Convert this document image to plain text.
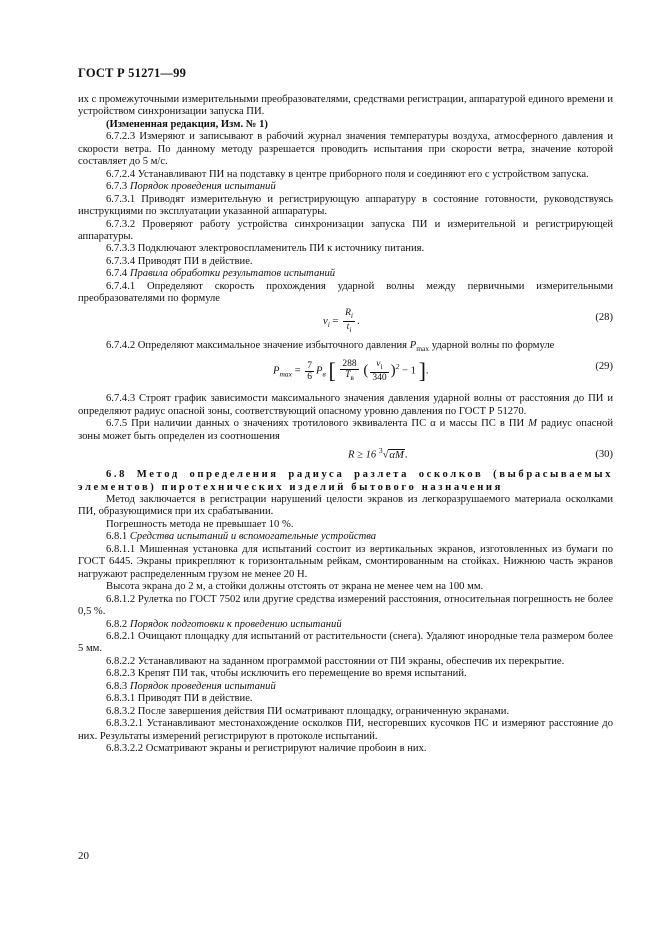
ГОСТ Р 51271—99

их с промежуточными измерительными преобразователями, средствами регистрации, аппаратурой единого времени и устройством синхронизации запуска ПИ.

(Измененная редакция, Изм. № 1)

6.7.2.3 Измеряют и записывают в рабочий журнал значения температуры воздуха, атмосферного давления и скорости ветра. По данному методу разрешается проводить испытания при скорости ветра, значение которой составляет до 5 м/с.

6.7.2.4 Устанавливают ПИ на подставку в центре приборного поля и соединяют его с устройством запуска.

6.7.3 Порядок проведения испытаний

6.7.3.1 Приводят измерительную и регистрирующую аппаратуру в состояние готовности, руководствуясь инструкциями по эксплуатации указанной аппаратуры.

6.7.3.2 Проверяют работу устройства синхронизации запуска ПИ и измерительной и регистрирующей аппаратуры.

6.7.3.3 Подключают электровоспламенитель ПИ к источнику питания.

6.7.3.4 Приводят ПИ в действие.

6.7.4 Правила обработки результатов испытаний

6.7.4.1 Определяют скорость прохождения ударной волны между первичными измерительными преобразователями по формуле

$v_i = \frac{R_i}{t_i}$ .	(28)

6.7.4.2 Определяют максимальное значение избыточного давления $P_{max}$ ударной волны по формуле

$P_{max} = \frac{7}{6} P_в$ [ $\frac{288}{T_в}$ ( $\frac{v_i}{340} )^2 - 1$ ].	(29)

6.7.4.3 Строят график зависимости максимального значения давления ударной волны от расстояния до ПИ и определяют радиус опасной зоны, соответствующий опасному уровню давления по ГОСТ Р 51270.

6.7.5 При наличии данных о значениях тротилового эквивалента ПС α и массы ПС в ПИ M радиус опасной зоны может быть определен из соотношения

R ≥ 16 $^3$√αM.	(30)

6.8 Метод определения радиуса разлета осколков (выбрасываемых элементов) пиротехнических изделий бытового назначения

Метод заключается в регистрации нарушений целости экранов из легкоразрушаемого материала осколками ПИ, образующимися при их срабатывании.

Погрешность метода не превышает 10 %.

6.8.1 Средства испытаний и вспомогательные устройства

6.8.1.1 Мишенная установка для испытаний состоит из вертикальных экранов, изготовленных из бумаги по ГОСТ 6445. Экраны прикрепляют к горизонтальным рейкам, смонтированным на стойках. Нижнюю часть экранов нагружают распределенным грузом не менее 20 Н.

Высота экрана до 2 м, а стойки должны отстоять от экрана не менее чем на 100 мм.

6.8.1.2 Рулетка по ГОСТ 7502 или другие средства измерений расстояния, относительная погрешность не более 0,5 %.

6.8.2 Порядок подготовки к проведению испытаний

6.8.2.1 Очищают площадку для испытаний от растительности (снега). Удаляют инородные тела размером более 5 мм.

6.8.2.2 Устанавливают на заданном программой расстоянии от ПИ экраны, обеспечив их перекрытие.

6.8.2.3 Крепят ПИ так, чтобы исключить его перемещение во время испытаний.

6.8.3 Порядок проведения испытаний

6.8.3.1 Приводят ПИ в действие.

6.8.3.2 После завершения действия ПИ осматривают площадку, ограниченную экранами.

6.8.3.2.1 Устанавливают местонахождение осколков ПИ, несгоревших кусочков ПС и измеряют расстояние до них. Результаты измерений регистрируют в протоколе испытаний.

6.8.3.2.2 Осматривают экраны и регистрируют наличие пробоин в них.

20
